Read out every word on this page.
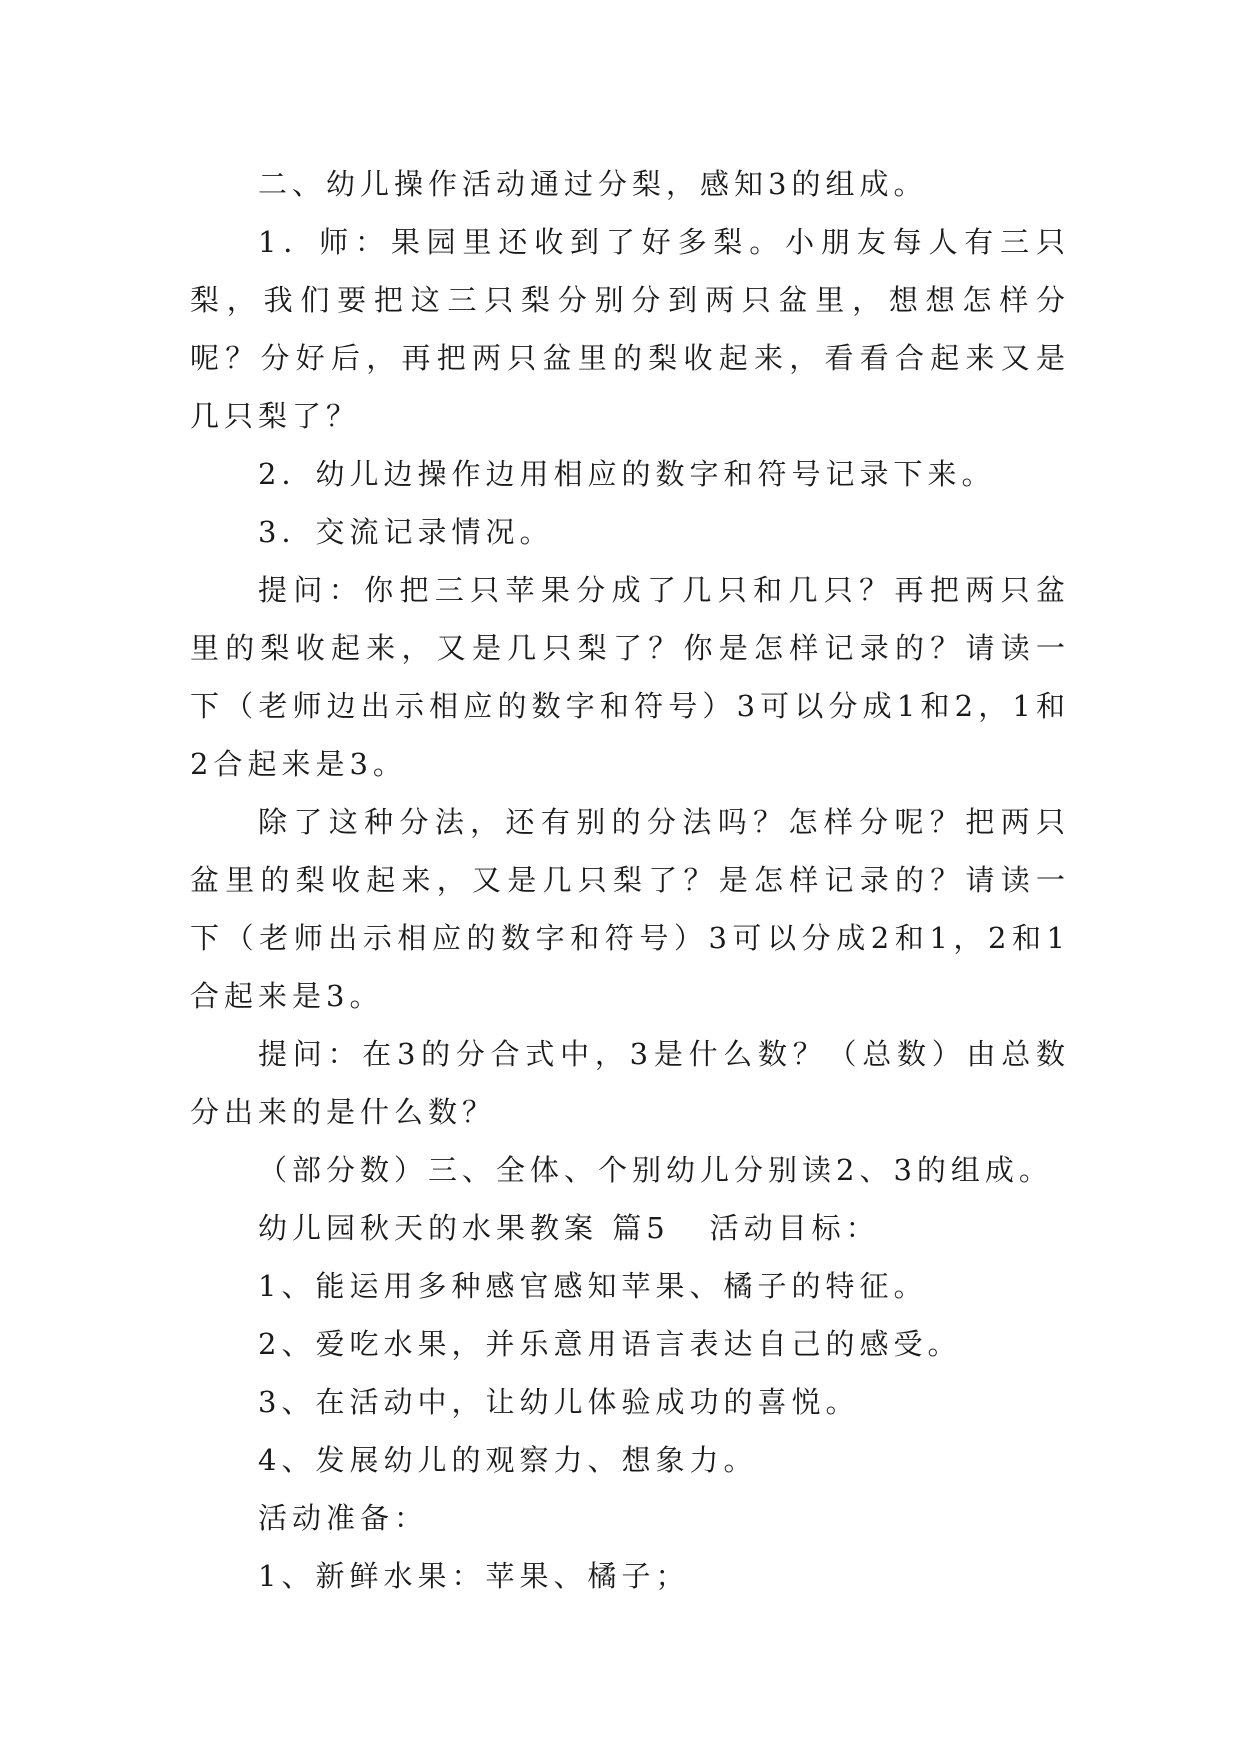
二、幼儿操作活动通过分梨，感知3的组成。

1．师：果园里还收到了好多梨。小朋友每人有三只梨，我们要把这三只梨分别分到两只盆里，想想怎样分呢？分好后，再把两只盆里的梨收起来，看看合起来又是几只梨了？

2．幼儿边操作边用相应的数字和符号记录下来。

3．交流记录情况。

提问：你把三只苹果分成了几只和几只？再把两只盆里的梨收起来，又是几只梨了？你是怎样记录的？请读一下（老师边出示相应的数字和符号）3可以分成1和2，1和2合起来是3。

除了这种分法，还有别的分法吗？怎样分呢？把两只盆里的梨收起来，又是几只梨了？是怎样记录的？请读一下（老师出示相应的数字和符号）3可以分成2和1，2和1合起来是3。

提问：在3的分合式中，3是什么数？（总数）由总数分出来的是什么数？

（部分数）三、全体、个别幼儿分别读2、3的组成。

幼儿园秋天的水果教案 篇5 活动目标：

1、能运用多种感官感知苹果、橘子的特征。

2、爱吃水果，并乐意用语言表达自己的感受。

3、在活动中，让幼儿体验成功的喜悦。

4、发展幼儿的观察力、想象力。

活动准备：

1、新鲜水果：苹果、橘子；
